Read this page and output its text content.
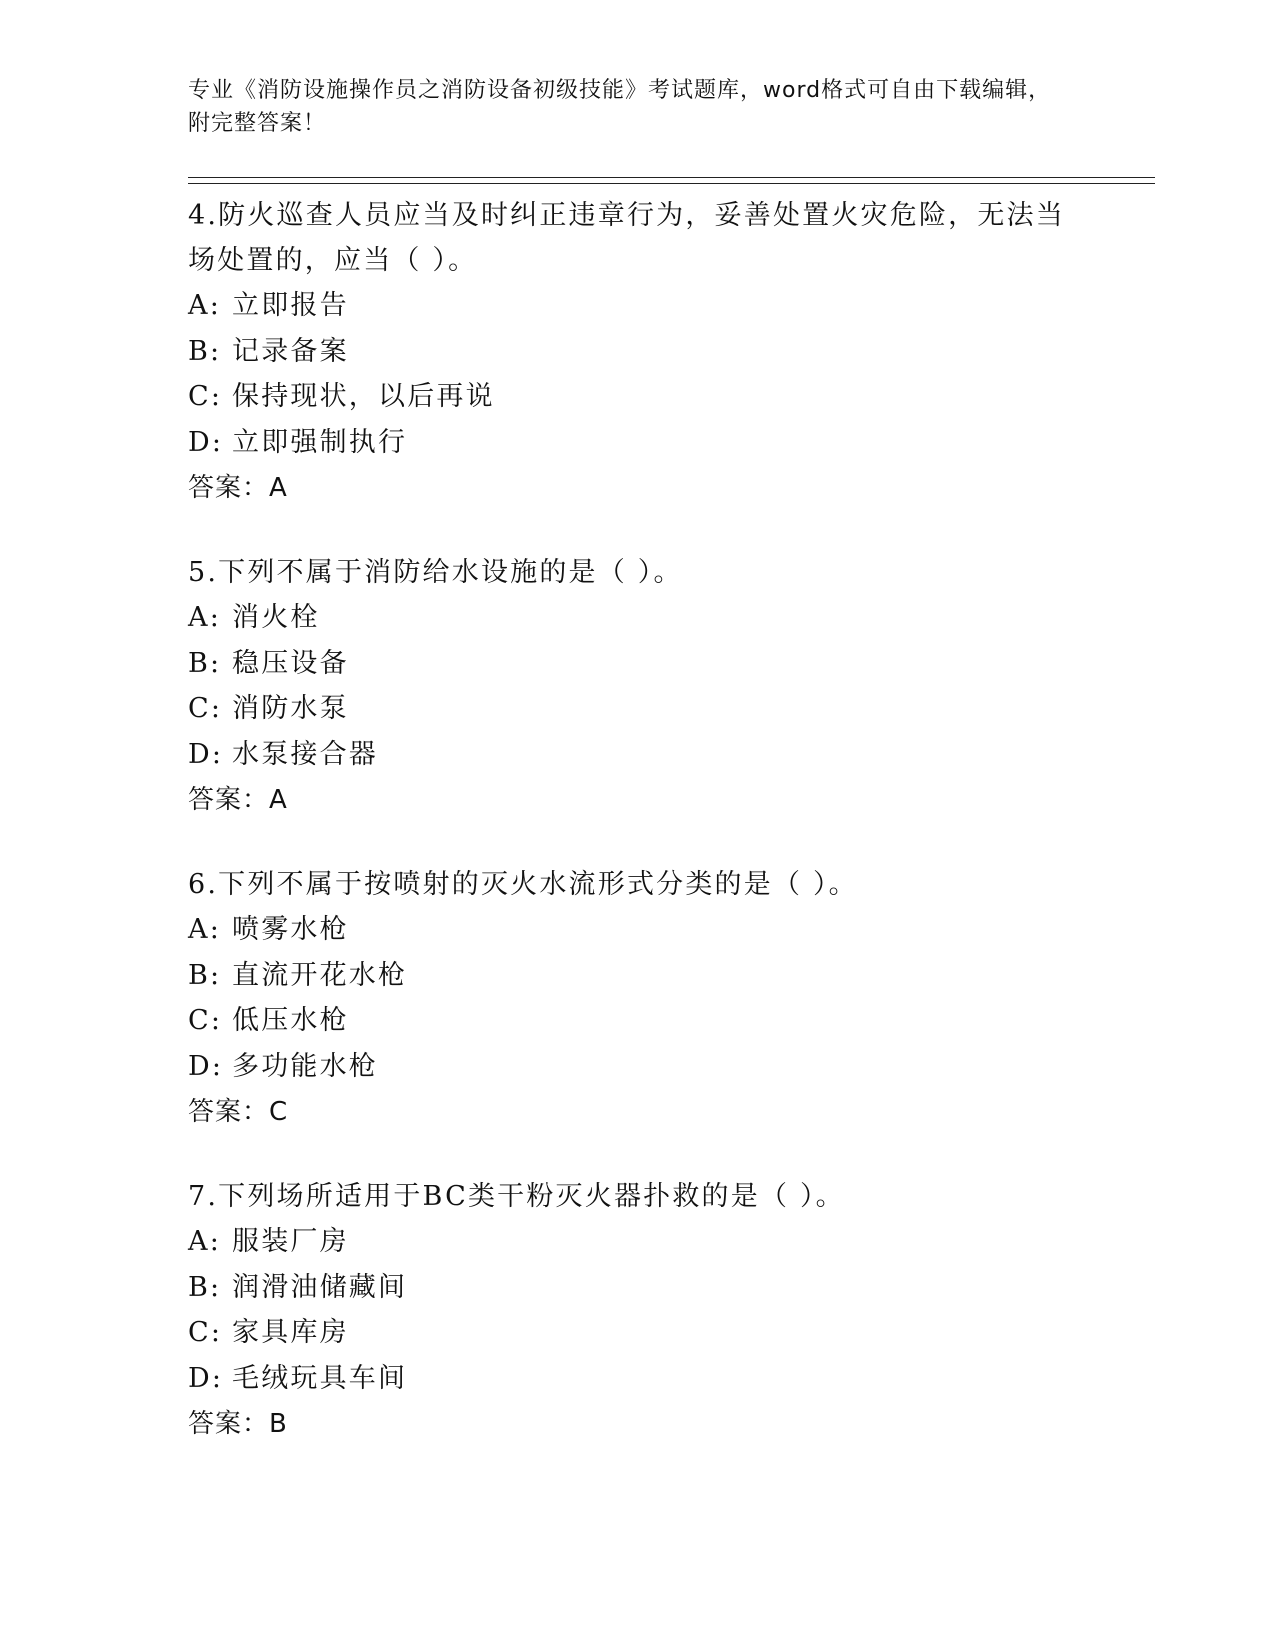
专业《消防设施操作员之消防设备初级技能》考试题库，word格式可自由下载编辑，附完整答案！

4.防火巡查人员应当及时纠正违章行为，妥善处置火灾危险，无法当场处置的，应当（ ）。

A: 立即报告

B: 记录备案

C: 保持现状，以后再说

D: 立即强制执行

答案：A

5.下列不属于消防给水设施的是（ ）。

A: 消火栓

B: 稳压设备

C: 消防水泵

D: 水泵接合器

答案：A

6.下列不属于按喷射的灭火水流形式分类的是（ ）。

A: 喷雾水枪

B: 直流开花水枪

C: 低压水枪

D: 多功能水枪

答案：C

7.下列场所适用于BC类干粉灭火器扑救的是（ ）。

A: 服装厂房

B: 润滑油储藏间

C: 家具库房

D: 毛绒玩具车间

答案：B
